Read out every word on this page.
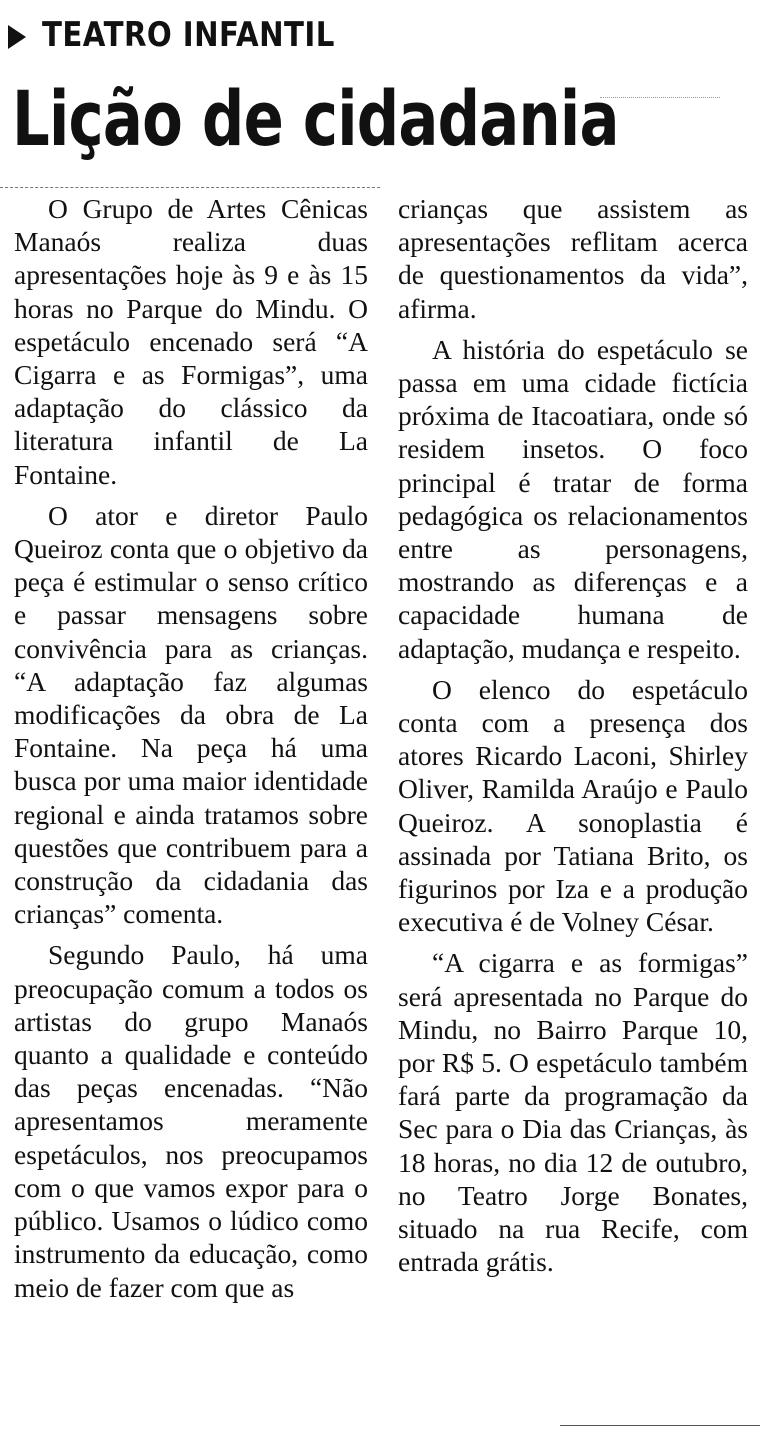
TEATRO INFANTIL
Lição de cidadania

O Grupo de Artes Cênicas Manaós realiza duas apresentações hoje às 9 e às 15 horas no Parque do Mindu. O espetáculo encenado será “A Cigarra e as Formigas”, uma adaptação do clássico da literatura infantil de La Fontaine.

O ator e diretor Paulo Queiroz conta que o objetivo da peça é estimular o senso crítico e passar mensagens sobre convivência para as crianças. “A adaptação faz algumas modificações da obra de La Fontaine. Na peça há uma busca por uma maior identidade regional e ainda tratamos sobre questões que contribuem para a construção da cidadania das crianças” comenta.

Segundo Paulo, há uma preocupação comum a todos os artistas do grupo Manaós quanto a qualidade e conteúdo das peças encenadas. “Não apresentamos meramente espetáculos, nos preocupamos com o que vamos expor para o público. Usamos o lúdico como instrumento da educação, como meio de fazer com que as

crianças que assistem as apresentações reflitam acerca de questionamentos da vida”, afirma.

A história do espetáculo se passa em uma cidade fictícia próxima de Itacoatiara, onde só residem insetos. O foco principal é tratar de forma pedagógica os relacionamentos entre as personagens, mostrando as diferenças e a capacidade humana de adaptação, mudança e respeito.

O elenco do espetáculo conta com a presença dos atores Ricardo Laconi, Shirley Oliver, Ramilda Araújo e Paulo Queiroz. A sonoplastia é assinada por Tatiana Brito, os figurinos por Iza e a produção executiva é de Volney César.

“A cigarra e as formigas” será apresentada no Parque do Mindu, no Bairro Parque 10, por R$ 5. O espetáculo também fará parte da programação da Sec para o Dia das Crianças, às 18 horas, no dia 12 de outubro, no Teatro Jorge Bonates, situado na rua Recife, com entrada grátis.
